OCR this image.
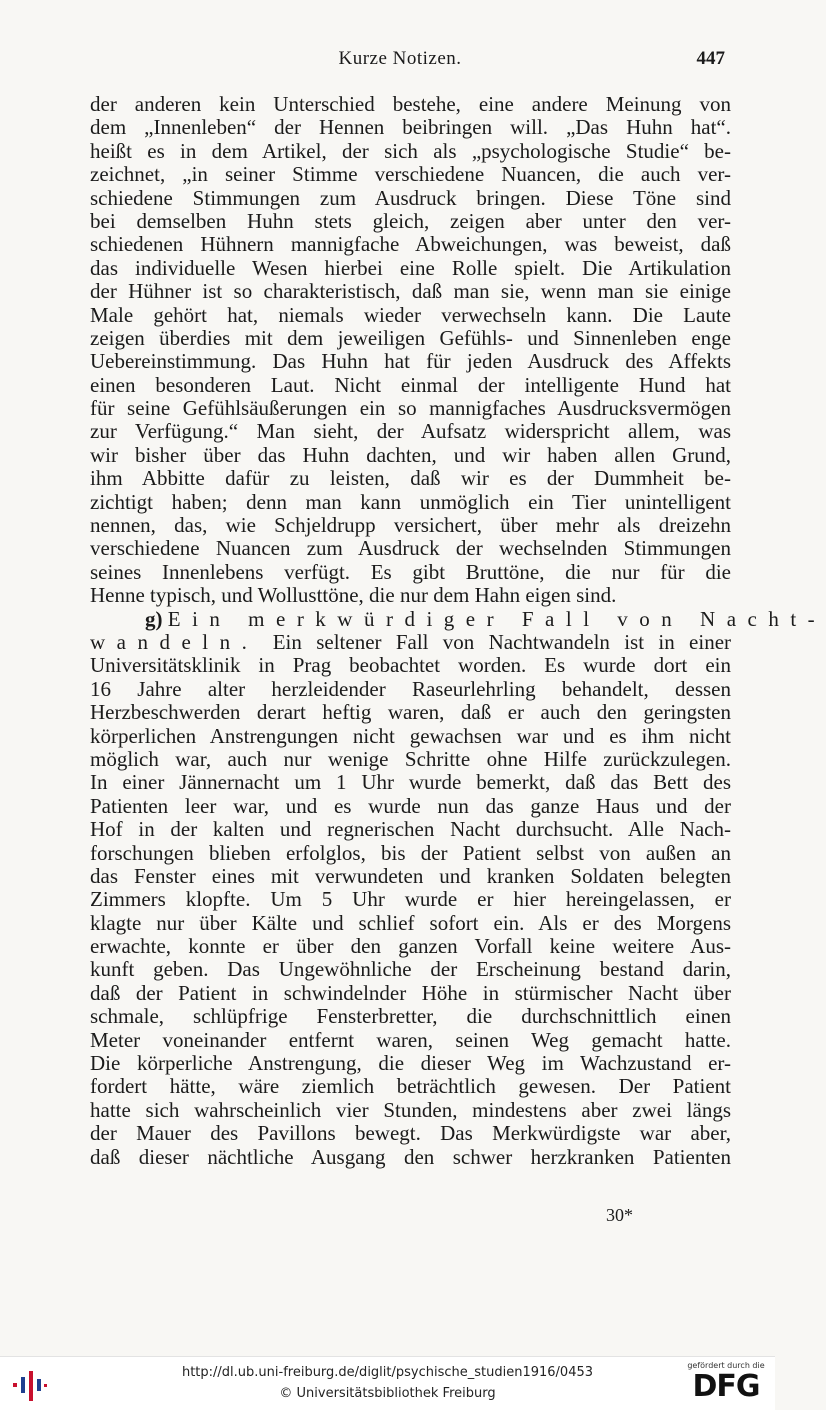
Kurze Notizen.	447
der anderen kein Unterschied bestehe, eine andere Meinung von
dem „Innenleben“ der Hennen beibringen will. „Das Huhn hat“.
heißt es in dem Artikel, der sich als „psychologische Studie“ be-
zeichnet, „in seiner Stimme verschiedene Nuancen, die auch ver-
schiedene Stimmungen zum Ausdruck bringen. Diese Töne sind
bei demselben Huhn stets gleich, zeigen aber unter den ver-
schiedenen Hühnern mannigfache Abweichungen, was beweist, daß
das individuelle Wesen hierbei eine Rolle spielt. Die Artikulation
der Hühner ist so charakteristisch, daß man sie, wenn man sie einige
Male gehört hat, niemals wieder verwechseln kann. Die Laute
zeigen überdies mit dem jeweiligen Gefühls- und Sinnenleben enge
Uebereinstimmung. Das Huhn hat für jeden Ausdruck des Affekts
einen besonderen Laut. Nicht einmal der intelligente Hund hat
für seine Gefühlsäußerungen ein so mannigfaches Ausdrucksvermögen
zur Verfügung.“ Man sieht, der Aufsatz widerspricht allem, was
wir bisher über das Huhn dachten, und wir haben allen Grund,
ihm Abbitte dafür zu leisten, daß wir es der Dummheit be-
zichtigt haben; denn man kann unmöglich ein Tier unintelligent
nennen, das, wie Schjeldrupp versichert, über mehr als dreizehn
verschiedene Nuancen zum Ausdruck der wechselnden Stimmungen
seines Innenlebens verfügt. Es gibt Bruttöne, die nur für die
Henne typisch, und Wollusttöne, die nur dem Hahn eigen sind.
g) Ein merkwürdiger Fall von Nacht-
wandeln. Ein seltener Fall von Nachtwandeln ist in einer
Universitätsklinik in Prag beobachtet worden. Es wurde dort ein
16 Jahre alter herzleidender Raseurlehrling behandelt, dessen
Herzbeschwerden derart heftig waren, daß er auch den geringsten
körperlichen Anstrengungen nicht gewachsen war und es ihm nicht
möglich war, auch nur wenige Schritte ohne Hilfe zurückzulegen.
In einer Jännernacht um 1 Uhr wurde bemerkt, daß das Bett des
Patienten leer war, und es wurde nun das ganze Haus und der
Hof in der kalten und regnerischen Nacht durchsucht. Alle Nach-
forschungen blieben erfolglos, bis der Patient selbst von außen an
das Fenster eines mit verwundeten und kranken Soldaten belegten
Zimmers klopfte. Um 5 Uhr wurde er hier hereingelassen, er
klagte nur über Kälte und schlief sofort ein. Als er des Morgens
erwachte, konnte er über den ganzen Vorfall keine weitere Aus-
kunft geben. Das Ungewöhnliche der Erscheinung bestand darin,
daß der Patient in schwindelnder Höhe in stürmischer Nacht über
schmale, schlüpfrige Fensterbretter, die durchschnittlich einen
Meter voneinander entfernt waren, seinen Weg gemacht hatte.
Die körperliche Anstrengung, die dieser Weg im Wachzustand er-
fordert hätte, wäre ziemlich beträchtlich gewesen. Der Patient
hatte sich wahrscheinlich vier Stunden, mindestens aber zwei längs
der Mauer des Pavillons bewegt. Das Merkwürdigste war aber,
daß dieser nächtliche Ausgang den schwer herzkranken Patienten
30*
http://dl.ub.uni-freiburg.de/diglit/psychische_studien1916/0453
© Universitätsbibliothek Freiburg
gefördert durch die
DFG
